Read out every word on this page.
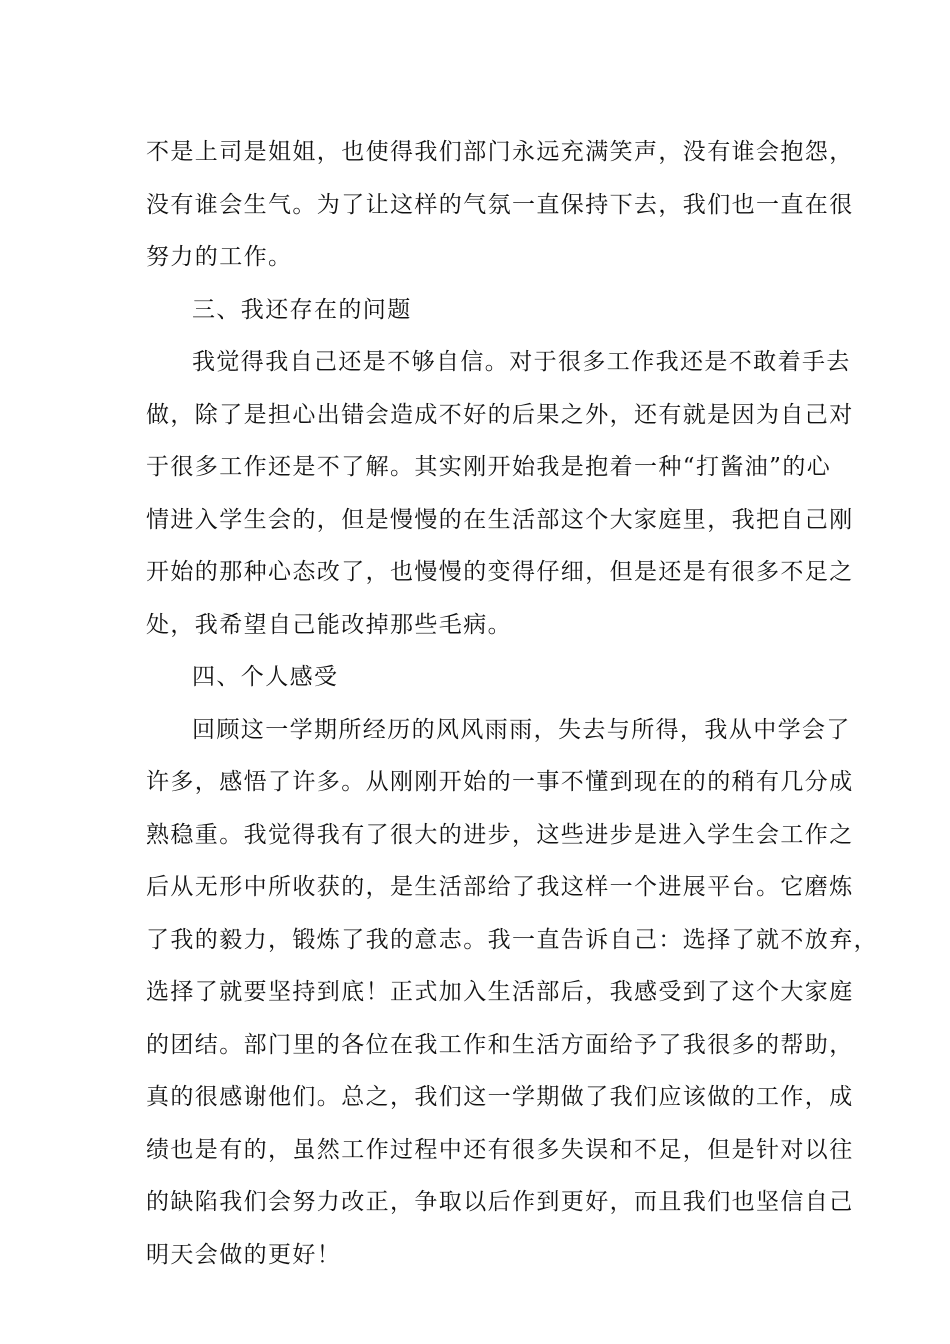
不是上司是姐姐，也使得我们部门永远充满笑声，没有谁会抱怨，
没有谁会生气。为了让这样的气氛一直保持下去，我们也一直在很
努力的工作。
三、我还存在的问题
我觉得我自己还是不够自信。对于很多工作我还是不敢着手去
做，除了是担心出错会造成不好的后果之外，还有就是因为自己对
于很多工作还是不了解。其实刚开始我是抱着一种“打酱油”的心
情进入学生会的，但是慢慢的在生活部这个大家庭里，我把自己刚
开始的那种心态改了，也慢慢的变得仔细，但是还是有很多不足之
处，我希望自己能改掉那些毛病。
四、个人感受
回顾这一学期所经历的风风雨雨，失去与所得，我从中学会了
许多，感悟了许多。从刚刚开始的一事不懂到现在的的稍有几分成
熟稳重。我觉得我有了很大的进步，这些进步是进入学生会工作之
后从无形中所收获的，是生活部给了我这样一个进展平台。它磨炼
了我的毅力，锻炼了我的意志。我一直告诉自己：选择了就不放弃，
选择了就要坚持到底！正式加入生活部后，我感受到了这个大家庭
的团结。部门里的各位在我工作和生活方面给予了我很多的帮助，
真的很感谢他们。总之，我们这一学期做了我们应该做的工作，成
绩也是有的，虽然工作过程中还有很多失误和不足，但是针对以往
的缺陷我们会努力改正，争取以后作到更好，而且我们也坚信自己
明天会做的更好！
